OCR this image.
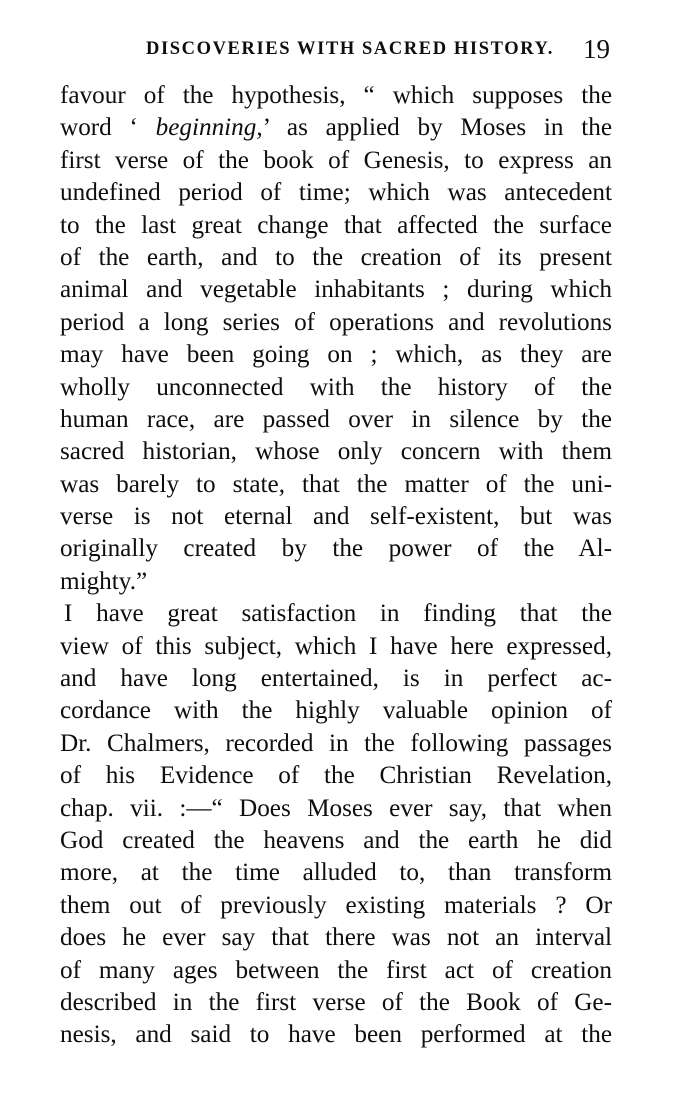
DISCOVERIES WITH SACRED HISTORY. 19
favour of the hypothesis, “ which supposes the
word ‘ beginning,’ as applied by Moses in the
first verse of the book of Genesis, to express an
undefined period of time; which was antecedent
to the last great change that affected the surface
of the earth, and to the creation of its present
animal and vegetable inhabitants ; during which
period a long series of operations and revolutions
may have been going on ; which, as they are
wholly unconnected with the history of the
human race, are passed over in silence by the
sacred historian, whose only concern with them
was barely to state, that the matter of the uni-
verse is not eternal and self-existent, but was
originally created by the power of the Al-
mighty.”
I have great satisfaction in finding that the
view of this subject, which I have here expressed,
and have long entertained, is in perfect ac-
cordance with the highly valuable opinion of
Dr. Chalmers, recorded in the following passages
of his Evidence of the Christian Revelation,
chap. vii. :—“ Does Moses ever say, that when
God created the heavens and the earth he did
more, at the time alluded to, than transform
them out of previously existing materials ? Or
does he ever say that there was not an interval
of many ages between the first act of creation
described in the first verse of the Book of Ge-
nesis, and said to have been performed at the
